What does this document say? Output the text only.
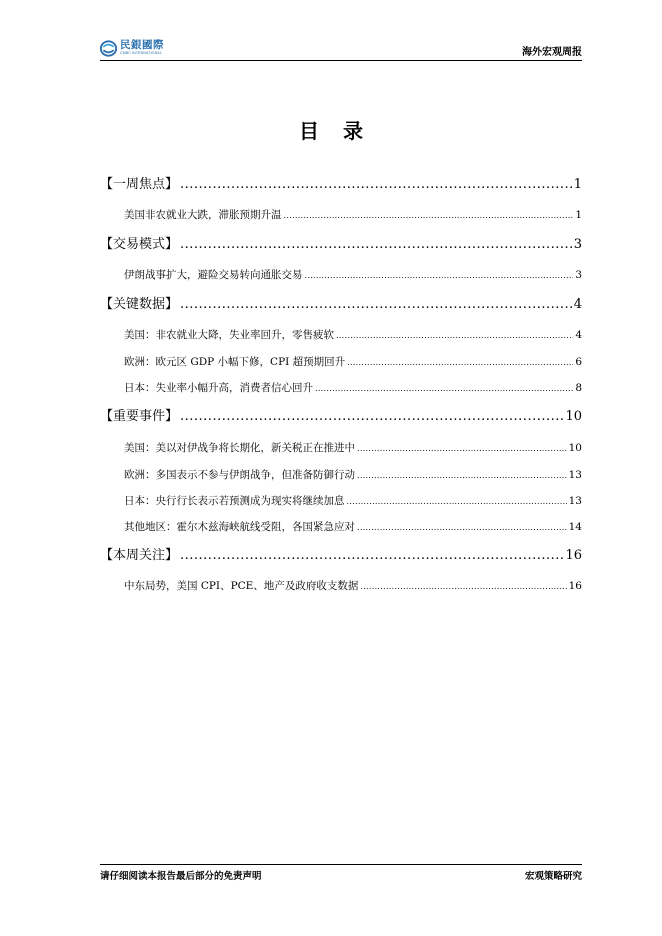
民銀國際
CMBC INTERNATIONAL	海外宏观周报
目录
【一周焦点】 .....	1
美国非农就业大跌，滞胀预期升温 .....	1
【交易模式】 .....	3
伊朗战事扩大，避险交易转向通胀交易 .....	3
【关键数据】 .....	4
美国：非农就业大降，失业率回升，零售疲软 .....	4
欧洲：欧元区 GDP 小幅下修，CPI 超预期回升 .....	6
日本：失业率小幅升高，消费者信心回升 .....	8
【重要事件】 .....	10
美国：美以对伊战争将长期化，新关税正在推进中 .....	10
欧洲：多国表示不参与伊朗战争，但准备防御行动 .....	13
日本：央行行长表示若预测成为现实将继续加息 .....	13
其他地区：霍尔木兹海峡航线受阻，各国紧急应对 .....	14
【本周关注】 .....	16
中东局势，美国 CPI、PCE、地产及政府收支数据 .....	16
请仔细阅读本报告最后部分的免责声明	宏观策略研究
